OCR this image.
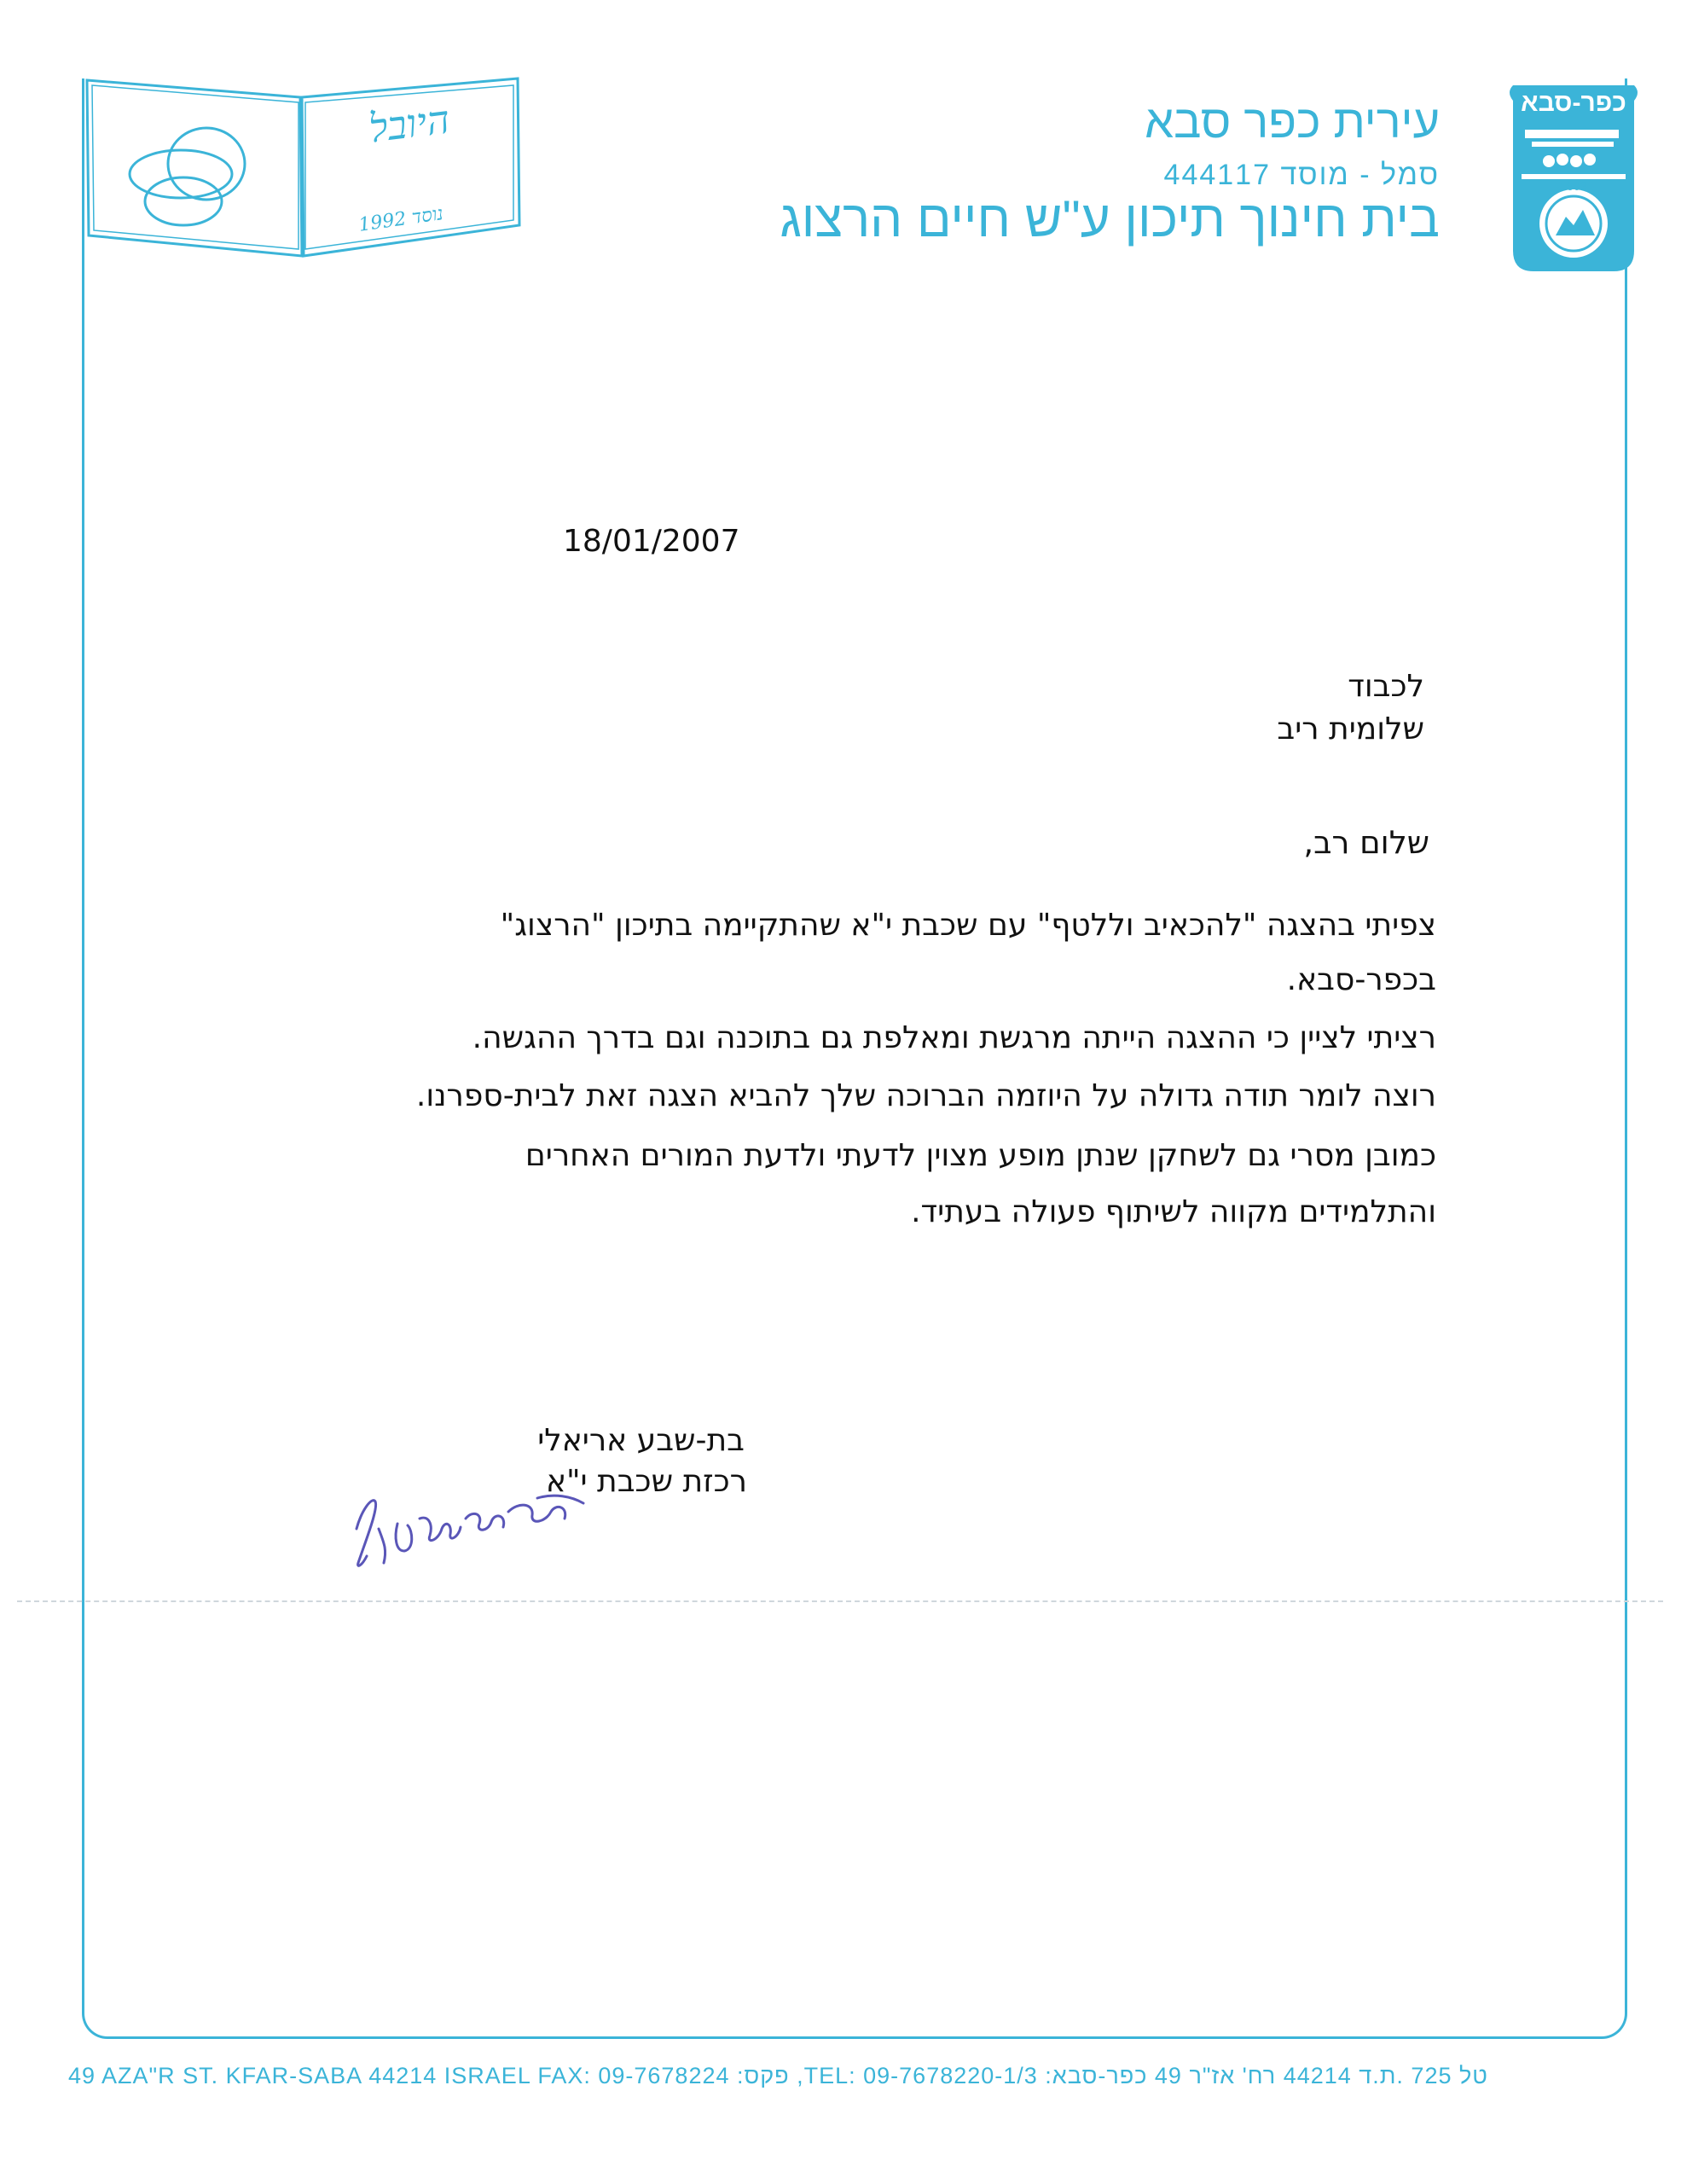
היובל
נוסד 1992
עירית כפר סבא
סמל - מוסד 444117
בית חינוך תיכון ע"ש חיים הרצוג
כפר-סבא
1903
18/01/2007
לכבוד
שלומית ריב
שלום רב,
צפיתי בהצגה "להכאיב וללטף" עם שכבת י"א שהתקיימה בתיכון "הרצוג"
בכפר-סבא.
רציתי לציין כי ההצגה הייתה מרגשת ומאלפת גם בתוכנה וגם בדרך ההגשה.
רוצה לומר תודה גדולה על היוזמה הברוכה שלך להביא הצגה זאת לבית-ספרנו.
כמובן מסרי גם לשחקן שנתן מופע מצוין לדעתי ולדעת המורים האחרים
והתלמידים מקווה לשיתוף פעולה בעתיד.
בת-שבע אריאלי
רכזת שכבת י"א
49 AZA"R ST. KFAR-SABA 44214 ISRAEL FAX: 09-7678224 :פקס ,TEL: 09-7678220-1/3 :טל 725 .ת.ד 44214 רח' אז"ר 49 כפר-סבא
